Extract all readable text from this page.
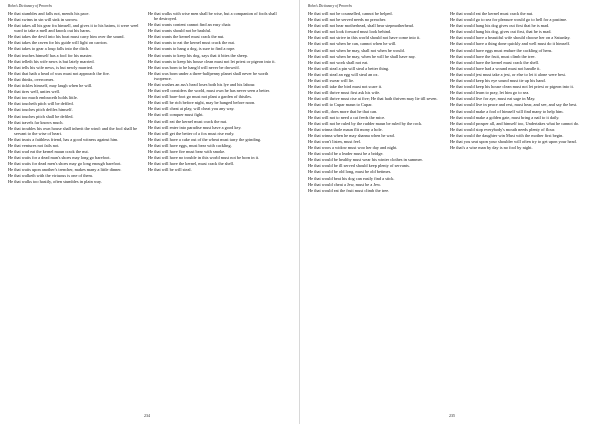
Bohn's Dictionary of Proverbs
He that stumbles and falls not, mends his pace.
He that swims in sin will sink in sorrow.
He that takes all his gear fra himsell, and gives it to his bairns, it were weel ward to take a mell and knock out his harns.
He that takes the devil into his boat must carry him over the sound.
He that takes the raven for his guide will light on carrion.
He that takes to gear a loup falls into the ditch.
He that teaches himself has a fool for his master.
He that telleth his wife news is but lately married.
He that tells his wife news, is but newly married.
He that that hath a head of wax must not approach the fire.
He that thinks, overcomes.
He that tickles himself, may laugh when he will.
He that tires well, unties well.
He that too much embraceth holds little.
He that toucheth pitch will be defiled.
He that touches pitch defiles himself.
He that touches pitch shall be defiled.
He that travels far knows much.
He that troubles his own house shall inherit the wind: and the fool shall be servant to the wise of heart.
He that trusts a faithless friend, has a good witness against him.
He that ventures not fails not.
He that wad eat the kernel maun crack the nut.
He that waits for a dead man's shoes may long go barefoot.
He that waits for dead men's shoes may go long enough barefoot.
He that waits upon another's trencher, makes many a little dinner.
He that walketh with the virtuous is one of them.
He that walks too hastily, often stumbles in plain way.
He that walks with wise men shall be wise, but a companion of fools shall be destroyed.
He that wants content cannot find an easy chair.
He that wants should not be bashful.
He that wants the kernel must crack the nut.
He that wants to eat the kernel must crack the nut.
He that wants to hang a dog, is sure to find a rope.
He that wants to keep his dog, says that it bites the sheep.
He that wants to keep his house clean must not let priest or pigeon into it.
He that was born to be hang'd will never be drown'd.
He that was born under a three-halfpenny planet shall never be worth twopence.
He that washes an ass's head loses both his lye and his labour.
He that well considers the world, must own he has never seen a better.
He that will bare-foot go must not plant a garden of thistles.
He that will be rich before night, may be hanged before noon.
He that will cheat at play, will cheat you any way.
He that will conquer must fight.
He that will eat the kernel must crack the nut.
He that will enter into paradise must have a good key.
He that will get the better of a fox must rise early.
He that will have a cake out of the wheat must tarry the grinding.
He that will have eggs, must bear with cackling.
He that will have fire must bear with smoke.
He that will have no trouble in this world must not be born in it.
He that will have the kernel, must crack the shell.
He that will be will steal.
234
Bohn's Dictionary of Proverbs
He that will not be counselled, cannot be helped.
He that will not be served needs no preacher.
He that will not hear motherhead, shall hear stepmotherhead.
He that will not look forward must look behind.
He that will not strive in this world should not have come into it.
He that will not when he can, cannot when he will.
He that will not when he may, shall not when he would.
He that will not when he may, when he will he shall have nay.
He that will not work shall not eat.
He that will steal a pin will steal a better thing.
He that will steal an egg will steal an ox.
He that will swear will lie.
He that will take the bird must not scare it.
He that will thrive must first ask his wife.
He that will thrive must rise at five; He that hath thriven may lie till seven.
He that will to Cupar maun to Cupar.
He that will, does more that he that can.
He that will not to need a cat feeds the mice.
He that will not be ruled by the rudder maun be ruled by the rock.
He that winna thole maun flit mony a hole.
He that winna when he may shanna when he wad.
He that won't listen, must feel.
He that woos a widow must woo her day and night.
He that would be a leader must be a bridge.
He that would be healthy must wear his winter clothes in summer.
He that would be ill served should keep plenty of servants.
He that would be old long, must be old betimes.
He that would beat his dog can easily find a stick.
He that would cheat a Jew, must be a Jew.
He that would eat the fruit must climb the tree.
He that would eat the kernel must crack the nut.
He that would go to sea for pleasure would go to hell for a pastime.
He that would hang his dog gives out first that he is mad.
He that would hang his dog, gives out first, that he is mad.
He that would have a beautiful wife should choose her on a Saturday.
He that would have a thing done quickly and well must do it himself.
He that would have eggs must endure the cackling of hens.
He that would have the fruit, must climb the tree.
He that would have the kernel must crack the shell.
He that would have had a wound must not handle it.
He that would jest must take a jest, or else to let it alone were best.
He that would keep his eye sound must tie up his hand.
He that would keep his house clean must not let priest or pigeon into it.
He that would learn to pray, let him go to sea.
He that would live for aye, must eat sage in May.
He that would live in peace and rest, must hear, and see, and say the best.
He that would make a fool of himself will find many to help him.
He that would make a golden gate, must bring a nail to it daily.
He that would prosper all, and himself too, Undertakes what he cannot do.
He that would stop everybody's mouth needs plenty of flour.
He that would the daughter win Must with the mother first begin.
He that you seat upon your shoulder will often try to get upon your head.
He that's a wise man by day is no fool by night.
235
